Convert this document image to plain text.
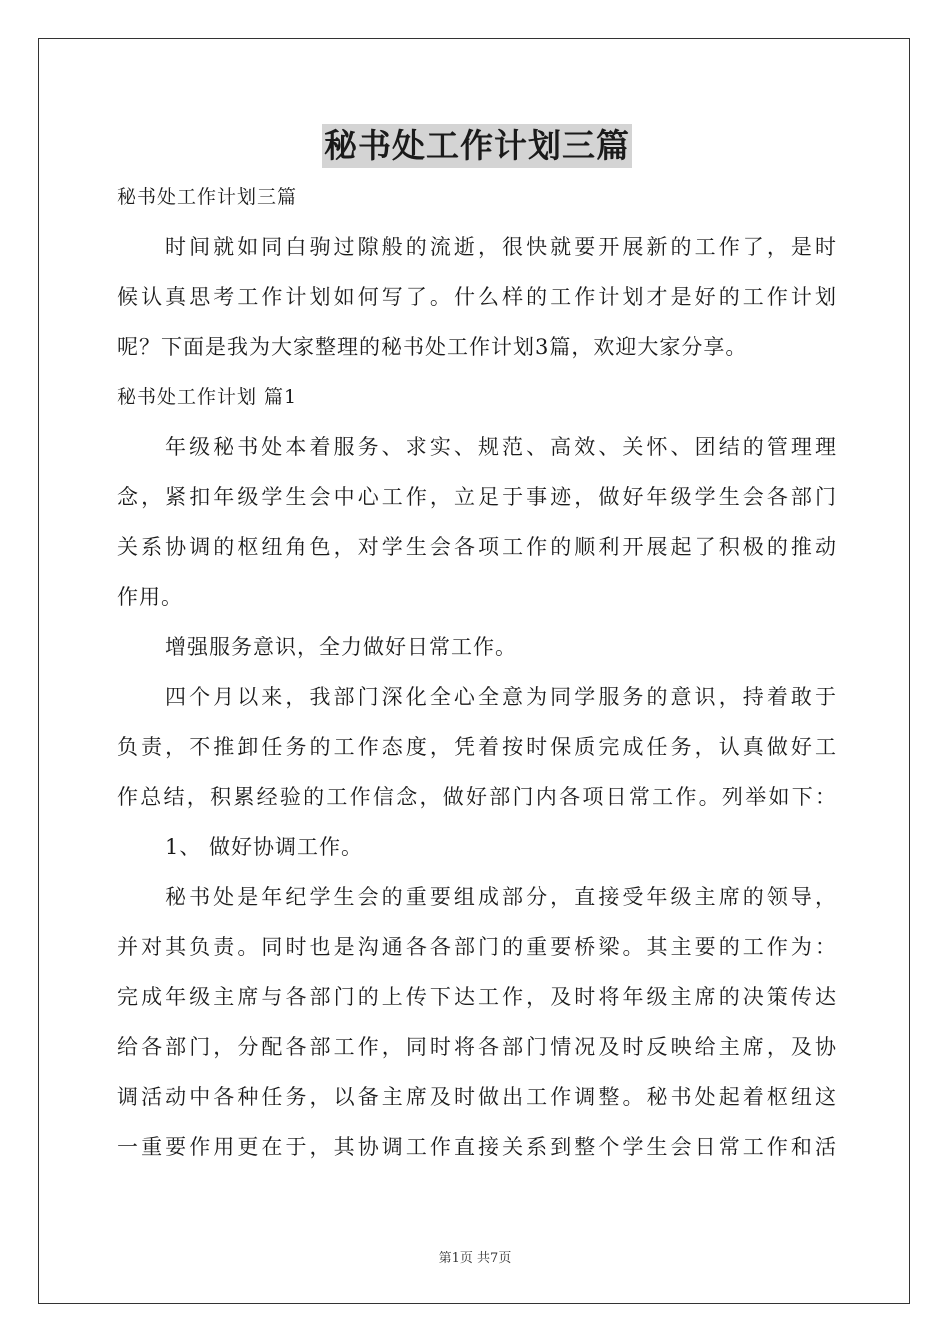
秘书处工作计划三篇
秘书处工作计划三篇
时间就如同白驹过隙般的流逝，很快就要开展新的工作了，是时
候认真思考工作计划如何写了。什么样的工作计划才是好的工作计划
呢？下面是我为大家整理的秘书处工作计划3篇，欢迎大家分享。
秘书处工作计划 篇1
年级秘书处本着服务、求实、规范、高效、关怀、团结的管理理
念，紧扣年级学生会中心工作，立足于事迹，做好年级学生会各部门
关系协调的枢纽角色，对学生会各项工作的顺利开展起了积极的推动
作用。
增强服务意识，全力做好日常工作。
四个月以来，我部门深化全心全意为同学服务的意识，持着敢于
负责，不推卸任务的工作态度，凭着按时保质完成任务，认真做好工
作总结，积累经验的工作信念，做好部门内各项日常工作。列举如下：
1、 做好协调工作。
秘书处是年纪学生会的重要组成部分，直接受年级主席的领导，
并对其负责。同时也是沟通各各部门的重要桥梁。其主要的工作为：
完成年级主席与各部门的上传下达工作，及时将年级主席的决策传达
给各部门，分配各部工作，同时将各部门情况及时反映给主席，及协
调活动中各种任务，以备主席及时做出工作调整。秘书处起着枢纽这
一重要作用更在于，其协调工作直接关系到整个学生会日常工作和活
第1页 共7页
